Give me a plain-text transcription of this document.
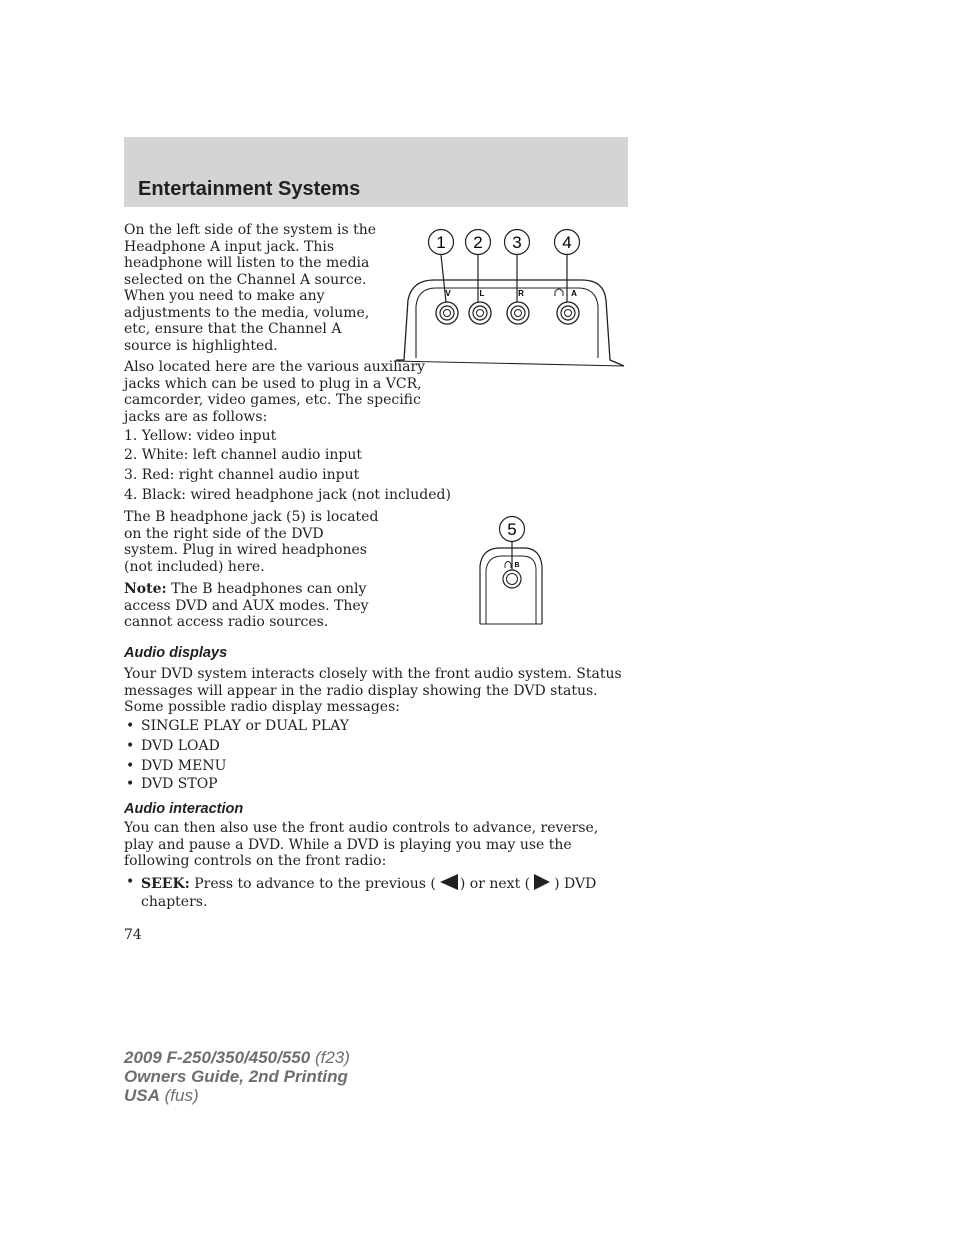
Entertainment Systems

On the left side of the system is the Headphone A input jack. This headphone will listen to the media selected on the Channel A source. When you need to make any adjustments to the media, volume, etc, ensure that the Channel A source is highlighted.

Also located here are the various auxiliary jacks which can be used to plug in a VCR, camcorder, video games, etc. The specific jacks are as follows:

1 2 3 4
V	L	R	A
1. Yellow: video input
2. White: left channel audio input
3. Red: right channel audio input
4. Black: wired headphone jack (not included)

The B headphone jack (5) is located on the right side of the DVD system. Plug in wired headphones (not included) here.

Note: The B headphones can only access DVD and AUX modes. They cannot access radio sources.

5
B
Audio displays

Your DVD system interacts closely with the front audio system. Status messages will appear in the radio display showing the DVD status. Some possible radio display messages:

• SINGLE PLAY or DUAL PLAY
• DVD LOAD
• DVD MENU
• DVD STOP
Audio interaction

You can then also use the front audio controls to advance, reverse, play and pause a DVD. While a DVD is playing you may use the following controls on the front radio:

• SEEK: Press to advance to the previous ( ) or next ( ) DVD
chapters.
74
2009 F-250/350/450/550 (f23)
Owners Guide, 2nd Printing
USA (fus)
